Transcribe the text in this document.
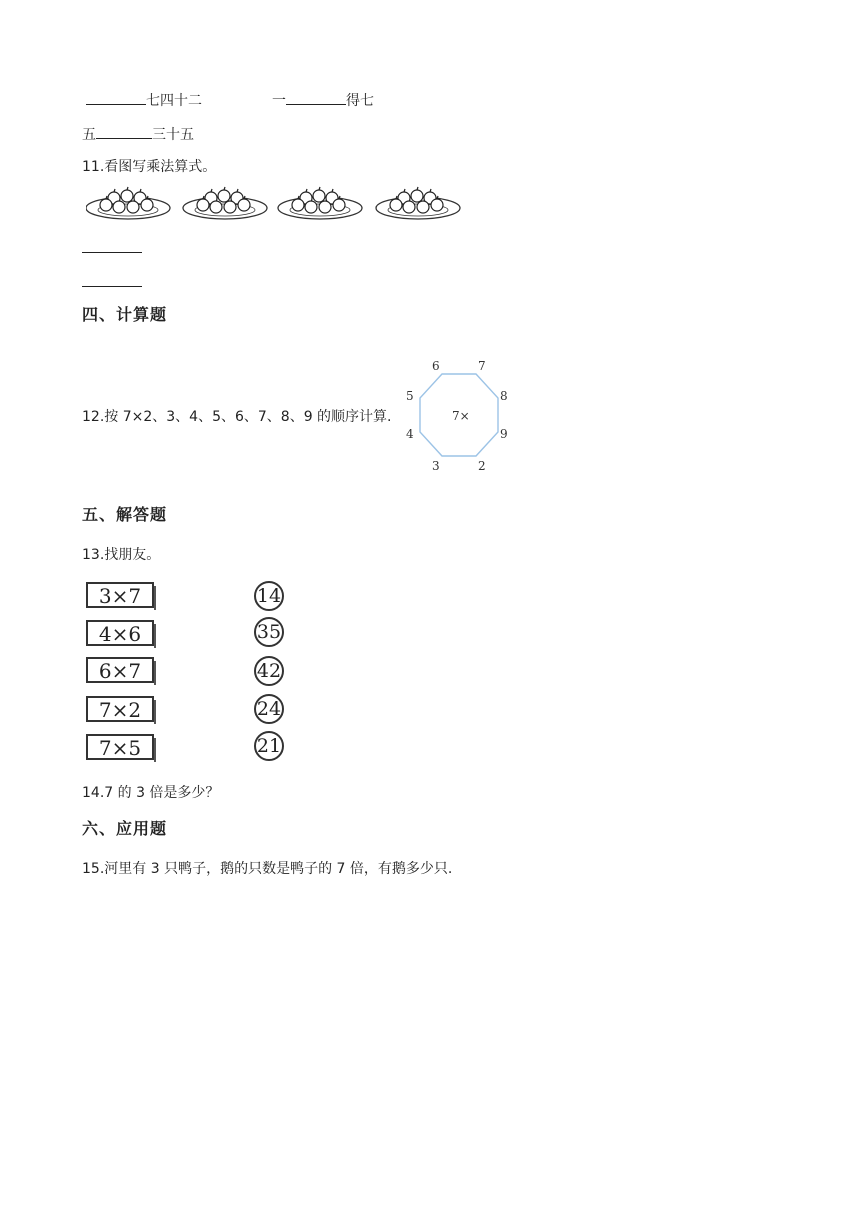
七四十二	一	得七
五	三十五
11.看图写乘法算式。
四、计算题
12.按 7×2、3、4、5、6、7、8、9 的顺序计算.	7×
6	7
8
9
2
3
4
5
五、解答题
13.找朋友。
3×7
4×6
6×7
7×2
7×5
14
35
42
24
21
14.7 的 3 倍是多少？
六、应用题
15.河里有 3 只鸭子，鹅的只数是鸭子的 7 倍，有鹅多少只.
